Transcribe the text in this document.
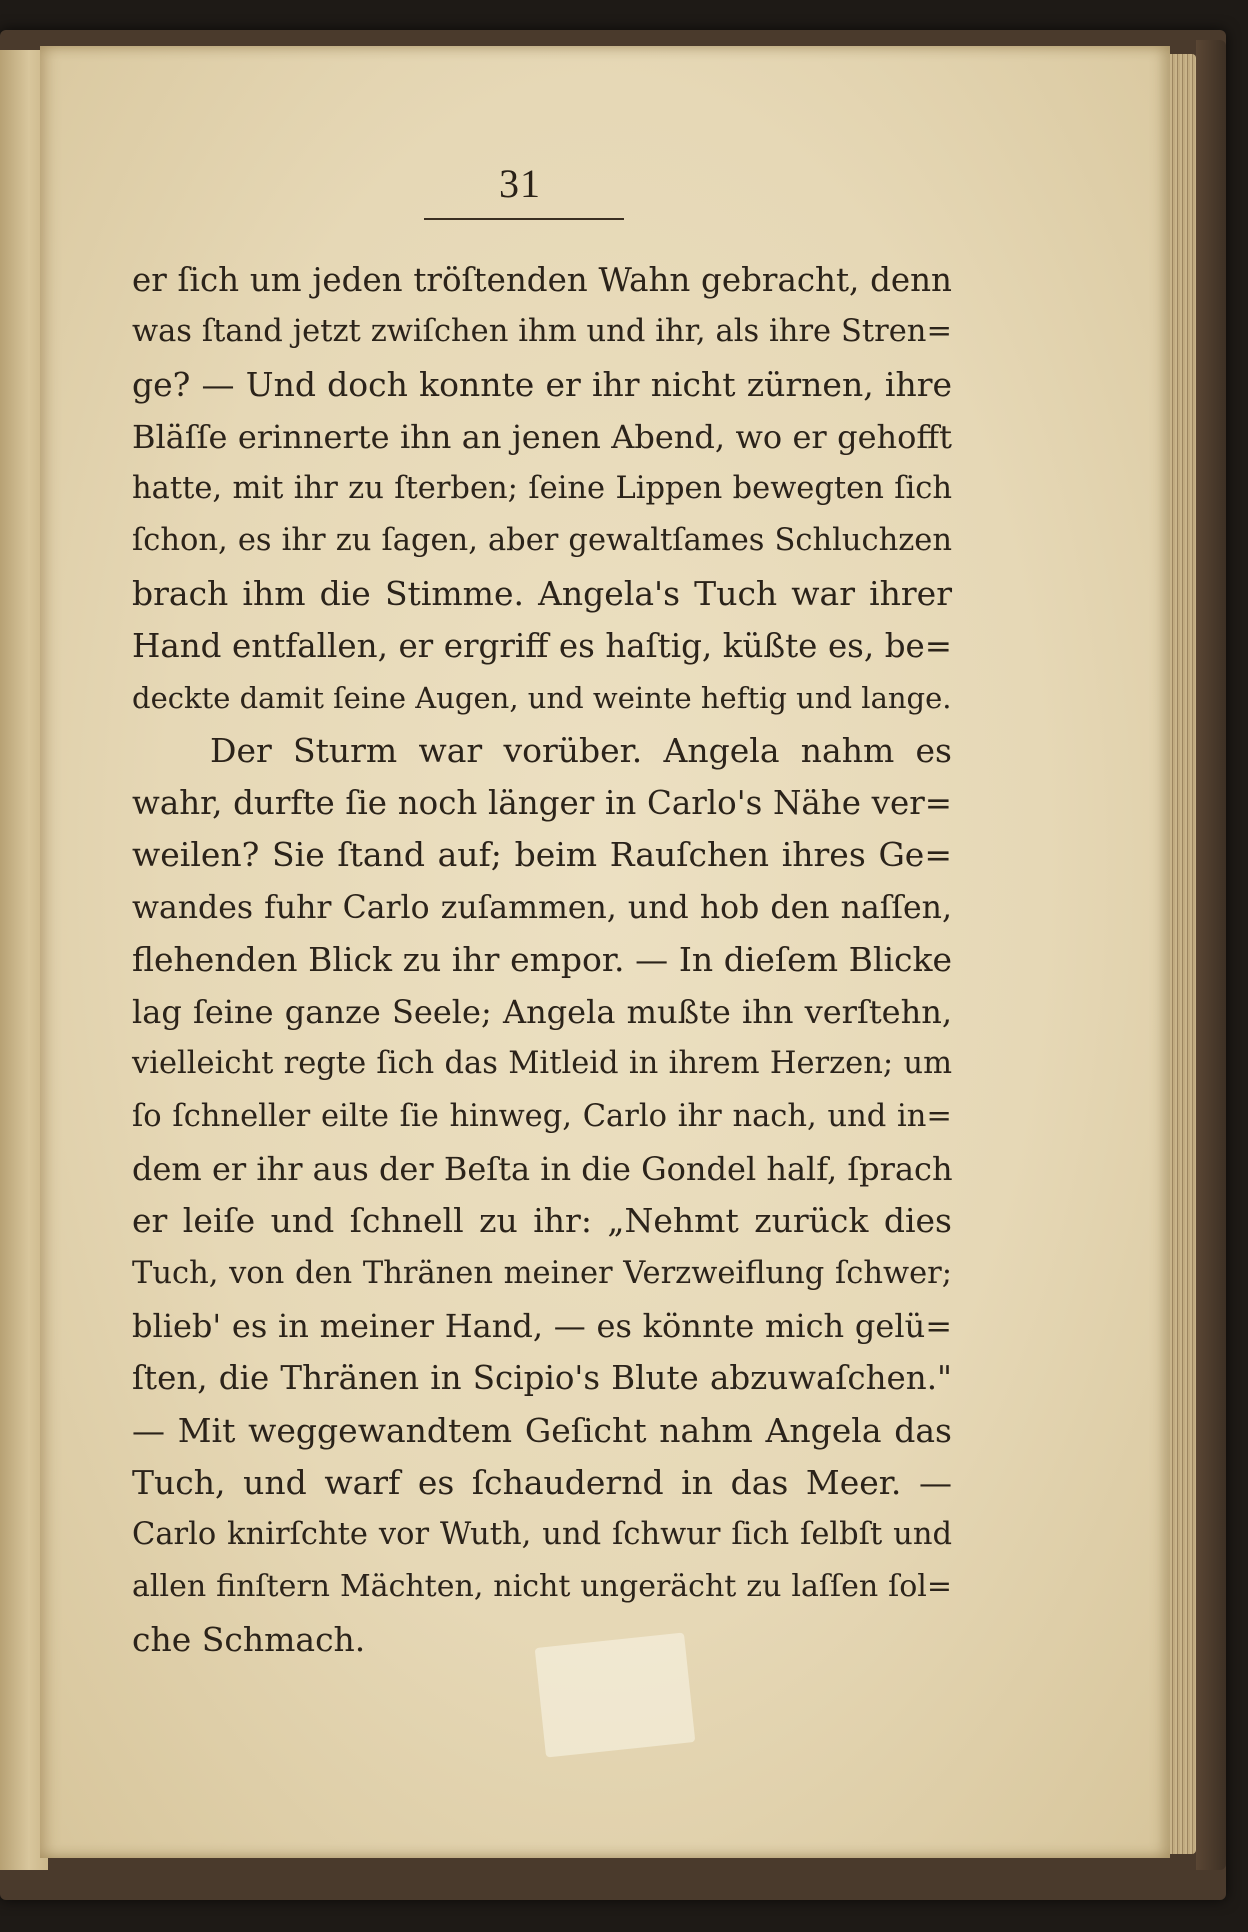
31
er ſich um jeden tröſtenden Wahn gebracht, denn
was ſtand jetzt zwiſchen ihm und ihr, als ihre Stren=
ge? — Und doch konnte er ihr nicht zürnen, ihre
Bläſſe erinnerte ihn an jenen Abend, wo er gehofft
hatte, mit ihr zu ſterben; ſeine Lippen bewegten ſich
ſchon, es ihr zu ſagen, aber gewaltſames Schluchzen
brach ihm die Stimme. Angela's Tuch war ihrer
Hand entfallen, er ergriff es haſtig, küßte es, be=
deckte damit ſeine Augen, und weinte heftig und lange.
Der Sturm war vorüber. Angela nahm es
wahr, durfte ſie noch länger in Carlo's Nähe ver=
weilen? Sie ſtand auf; beim Rauſchen ihres Ge=
wandes fuhr Carlo zuſammen, und hob den naſſen,
flehenden Blick zu ihr empor. — In dieſem Blicke
lag ſeine ganze Seele; Angela mußte ihn verſtehn,
vielleicht regte ſich das Mitleid in ihrem Herzen; um
ſo ſchneller eilte ſie hinweg, Carlo ihr nach, und in=
dem er ihr aus der Beſta in die Gondel half, ſprach
er leiſe und ſchnell zu ihr: „Nehmt zurück dies
Tuch, von den Thränen meiner Verzweiflung ſchwer;
blieb' es in meiner Hand, — es könnte mich gelü=
ſten, die Thränen in Scipio's Blute abzuwaſchen."
— Mit weggewandtem Geſicht nahm Angela das
Tuch, und warf es ſchaudernd in das Meer. —
Carlo knirſchte vor Wuth, und ſchwur ſich ſelbſt und
allen finſtern Mächten, nicht ungerächt zu laſſen ſol=
che Schmach.
